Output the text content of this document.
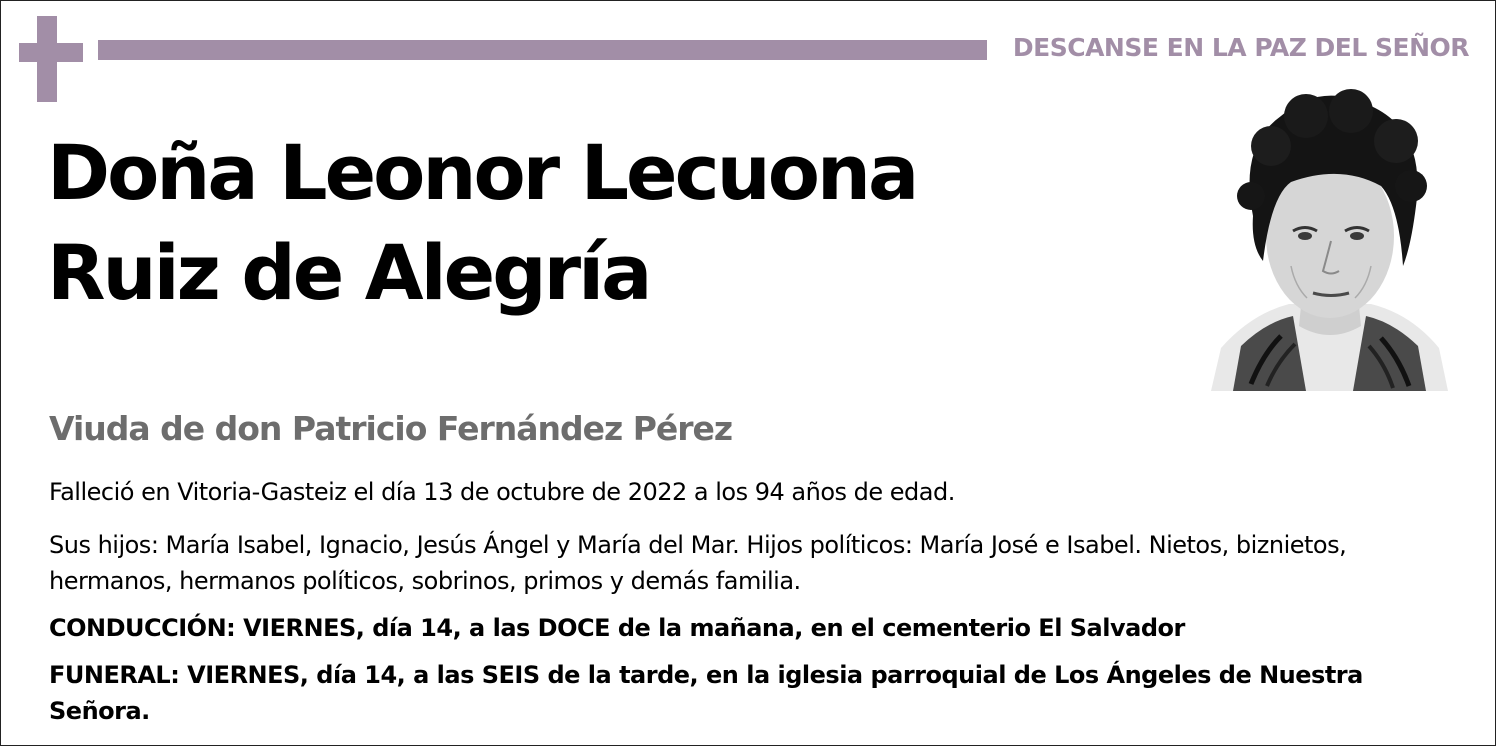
DESCANSE EN LA PAZ DEL SEÑOR
Doña Leonor Lecuona
Ruiz de Alegría
Viuda de don Patricio Fernández Pérez
Falleció en Vitoria-Gasteiz el día 13 de octubre de 2022 a los 94 años de edad.
Sus hijos: María Isabel, Ignacio, Jesús Ángel y María del Mar. Hijos políticos: María José e Isabel. Nietos, biznietos, hermanos, hermanos políticos, sobrinos, primos y demás familia.
CONDUCCIÓN: VIERNES, día 14, a las DOCE de la mañana, en el cementerio El Salvador
FUNERAL: VIERNES, día 14, a las SEIS de la tarde, en la iglesia parroquial de Los Ángeles de Nuestra Señora.
